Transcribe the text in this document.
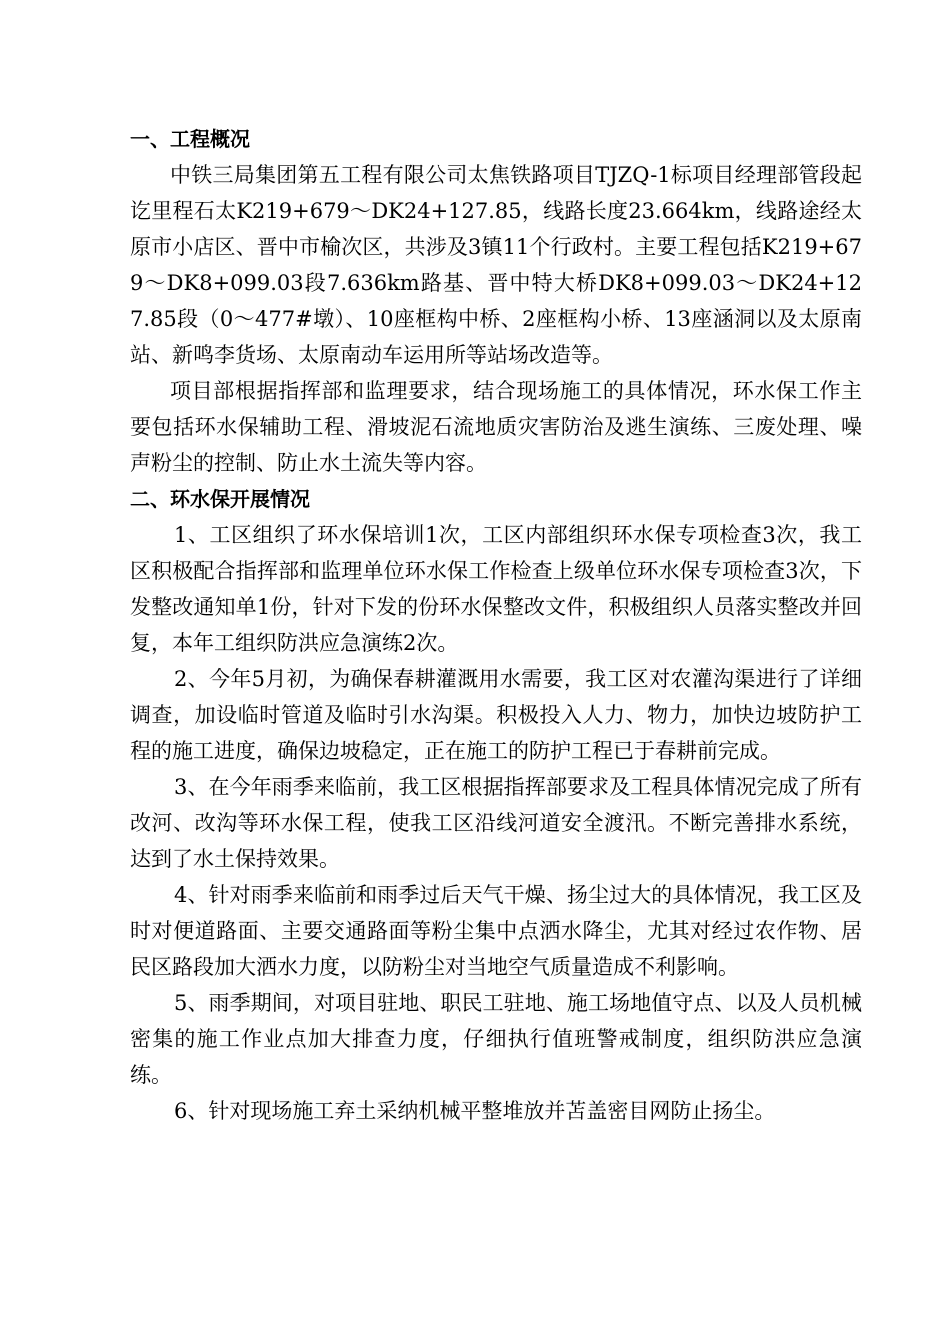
一、工程概况

中铁三局集团第五工程有限公司太焦铁路项目TJZQ-1标项目经理部管段起讫里程石太K219+679～DK24+127.85，线路长度23.664km，线路途经太原市小店区、晋中市榆次区，共涉及3镇11个行政村。主要工程包括K219+679～DK8+099.03段7.636km路基、晋中特大桥DK8+099.03～DK24+127.85段（0～477#墩）、10座框构中桥、2座框构小桥、13座涵洞以及太原南站、新鸣李货场、太原南动车运用所等站场改造等。

项目部根据指挥部和监理要求，结合现场施工的具体情况，环水保工作主要包括环水保辅助工程、滑坡泥石流地质灾害防治及逃生演练、三废处理、噪声粉尘的控制、防止水土流失等内容。

二、环水保开展情况

1、工区组织了环水保培训1次，工区内部组织环水保专项检查3次，我工区积极配合指挥部和监理单位环水保工作检查上级单位环水保专项检查3次，下发整改通知单1份，针对下发的份环水保整改文件，积极组织人员落实整改并回复，本年工组织防洪应急演练2次。

2、今年5月初，为确保春耕灌溉用水需要，我工区对农灌沟渠进行了详细调查，加设临时管道及临时引水沟渠。积极投入人力、物力，加快边坡防护工程的施工进度，确保边坡稳定，正在施工的防护工程已于春耕前完成。

3、在今年雨季来临前，我工区根据指挥部要求及工程具体情况完成了所有改河、改沟等环水保工程，使我工区沿线河道安全渡汛。不断完善排水系统，达到了水土保持效果。

4、针对雨季来临前和雨季过后天气干燥、扬尘过大的具体情况，我工区及时对便道路面、主要交通路面等粉尘集中点洒水降尘，尤其对经过农作物、居民区路段加大洒水力度，以防粉尘对当地空气质量造成不利影响。

5、雨季期间，对项目驻地、职民工驻地、施工场地值守点、以及人员机械密集的施工作业点加大排查力度，仔细执行值班警戒制度，组织防洪应急演练。

6、针对现场施工弃土采纳机械平整堆放并苫盖密目网防止扬尘。
